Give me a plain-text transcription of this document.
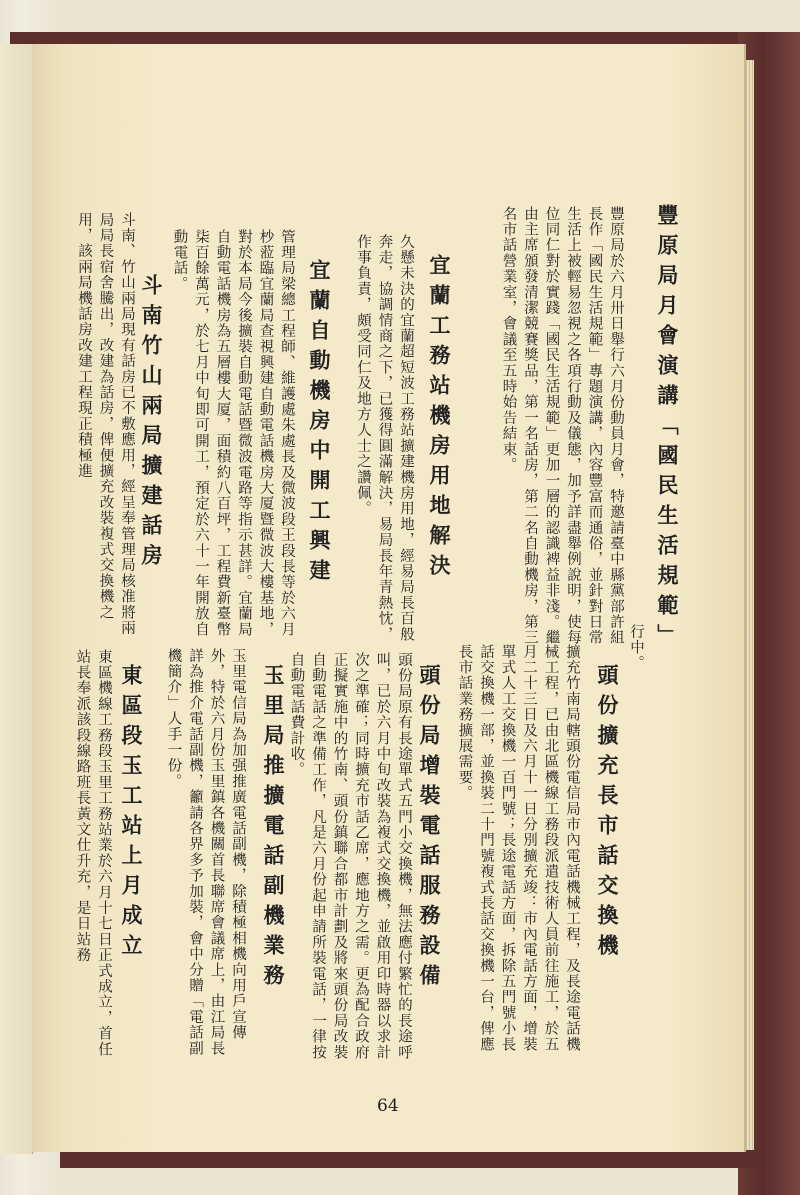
豐原局月會演講「國民生活規範」
豐原局於六月卅日舉行六月份動員月會，特邀請臺中縣黨部許組長作「國民生活規範」專題演講，內容豐富而通俗，並針對日常生活上被輕易忽視之各項行動及儀態，加予詳盡舉例說明，使每位同仁對於實踐「國民生活規範」更加一層的認識裨益非淺。繼由主席頒發清潔競賽獎品，第一名話房，第二名自動機房，第三名市話營業室，會議至五時始告結束。
宜蘭工務站機房用地解決
久懸未決的宜蘭超短波工務站擴建機房用地，經易局長百般奔走，協調情商之下，已獲得圓滿解決，易局長年青熱忱，作事負責，頗受同仁及地方人士之讚佩。
宜蘭自動機房中開工興建
管理局梁總工程師、維護處朱處長及微波段王段長等於六月杪蒞臨宜蘭局查視興建自動電話機房大厦暨微波大樓基地，對於本局今後擴裝自動電話暨微波電路等指示甚詳。宜蘭局自動電話機房為五層樓大厦，面積約八百坪，工程費新臺幣柒百餘萬元，於七月中旬即可開工，預定於六十一年開放自動電話。
斗南竹山兩局擴建話房
斗南、竹山兩局現有話房已不敷應用，經呈奉管理局核准將兩局局長宿舍騰出，改建為話房，俾便擴充改裝複式交換機之用，該兩局機話房改建工程現正積極進
行中。
頭份擴充長市話交換機
擴充竹南局轄頭份電信局市內電話機械工程，及長途電話機械工程，已由北區機線工務段派遣技術人員前往施工，於五月二十三日及六月十一日分別擴充竣：市內電話方面，增裝單式人工交換機一百門號；長途電話方面，拆除五門號小長話交換機一部，並換裝二十門號複式長話交換機一台，俾應長市話業務擴展需要。
頭份局增裝電話服務設備
頭份局原有長途單式五門小交換機，無法應付繁忙的長途呼叫，已於六月中旬改裝為複式交換機，並啟用印時器以求計次之準確；同時擴充市話乙席，應地方之需。更為配合政府正擬實施中的竹南、頭份鎮聯合都市計劃及將來頭份局改裝自動電話之準備工作，凡是六月份起申請所裝電話，一律按自動電話費計收。
玉里局推擴電話副機業務
玉里電信局為加强推廣電話副機，除積極相機向用戶宣傳外，特於六月份玉里鎮各機關首長聯席會議席上，由江局長詳為推介電話副機，籲請各界多予加裝，會中分贈「電話副機簡介」人手一份。
東區段玉工站上月成立
東區機線工務段玉里工務站業於六月十七日正式成立，首任站長奉派該段線路班長黃文仕升充，是日站務
64
